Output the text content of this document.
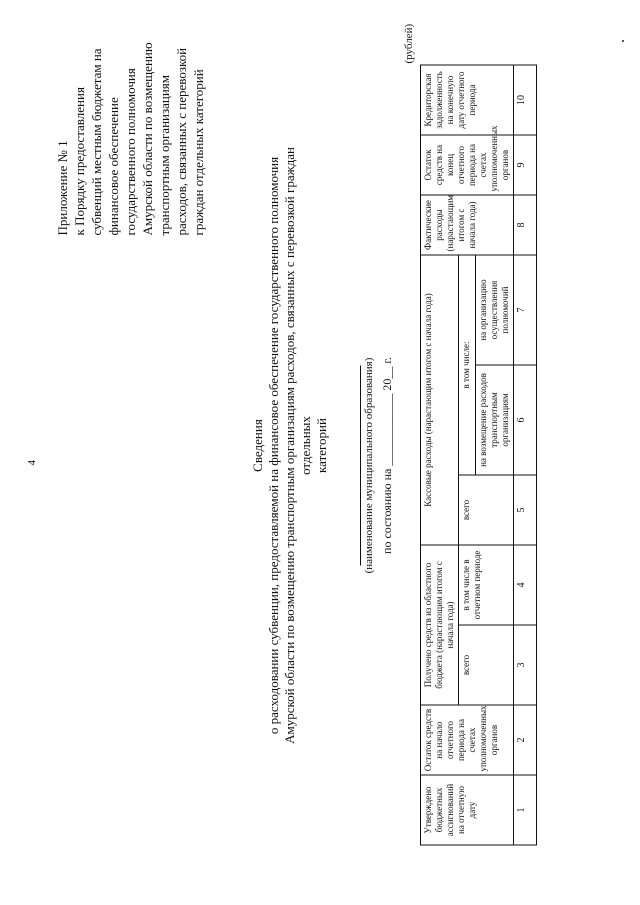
4
Приложение № 1 к Порядку предоставления субвенций местным бюджетам на финансовое обеспечение государственного полномочия Амурской области по возмещению транспортным организациям расходов, связанных с перевозкой граждан отдельных категорий
Сведения о расходовании субвенции, предоставляемой на финансовое обеспечение государственного полномочия Амурской области по возмещению транспортным организациям расходов, связанных с перевозкой граждан отдельных категорий	(наименование муниципального образования) по состоянию на ____________ 20__ г.
(рублей)
Утверждено бюджетных ассигнований на отчетную дату	Остаток средств на начало отчетного периода на счетах уполномоченных органов	Получено средств из областного бюджета (нарастающим итогом с начала года)		Кассовые расходы (нарастающим итогом с начала года)			Фактические расходы (нарастающим итогом с начала года)	Остаток средств на конец отчетного периода на счетах уполномоченных органов	Кредиторская задолженность на конечную дату отчетного периода
		всего	в том числе в отчетном периоде	всего	в том числе:				
					на возмещение расходов транспортным организациям	на организацию осуществления полномочий			
1	2	3	4	5	6	7	8	9	10
